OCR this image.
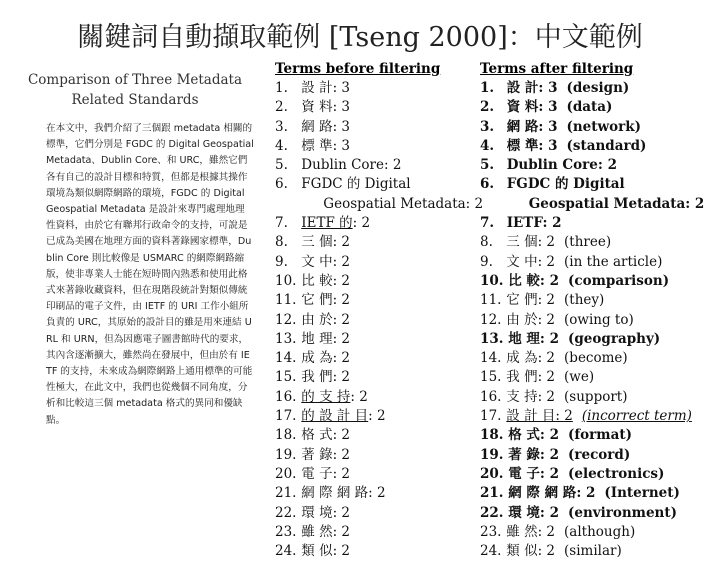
關鍵詞自動擷取範例 [Tseng 2000]：中文範例
Comparison of Three Metadata Related Standards
在本文中，我們介紹了三個跟 metadata 相關的標準，它們分別是 FGDC 的 Digital Geospatial Metadata、Dublin Core、和 URC，雖然它們各有自己的設計目標和特質，但都是根據其操作環境為類似網際網路的環境，FGDC 的 Digital Geospatial Metadata 是設計來專門處理地理性資料，由於它有聯邦行政命令的支持，可說是已成為美國在地理方面的資料著錄國家標準，Dublin Core 則比較像是 USMARC 的網際網路縮版，使非專業人士能在短時間內熟悉和使用此格式來著錄收藏資料，但在現階段統計對類似傳統印刷品的電子文件，由 IETF 的 URI 工作小組所負責的 URC，其原始的設計目的雖是用來連結 URL 和 URN，但為因應電子圖書館時代的要求，其內含逐漸擴大，雖然尚在發展中，但由於有 IETF 的支持，未來成為網際網路上通用標準的可能性極大，在此文中，我們也從幾個不同角度，分析和比較這三個 metadata 格式的異同和優缺點。
Terms before filtering
1. 設 計: 3
2. 資 料: 3
3. 網 路: 3
4. 標 準: 3
5. Dublin Core: 2
6. FGDC 的 Digital
Geospatial Metadata: 2
7. IETF 的: 2
8. 三 個: 2
9. 文 中: 2
10. 比 較: 2
11. 它 們: 2
12. 由 於: 2
13. 地 理: 2
14. 成 為: 2
15. 我 們: 2
16. 的 支 持: 2
17. 的 設 計 目: 2
18. 格 式: 2
19. 著 錄: 2
20. 電 子: 2
21. 網 際 網 路: 2
22. 環 境: 2
23. 雖 然: 2
24. 類 似: 2
Terms after filtering
1. 設 計: 3 (design)
2. 資 料: 3 (data)
3. 網 路: 3 (network)
4. 標 準: 3 (standard)
5. Dublin Core: 2
6. FGDC 的 Digital
Geospatial Metadata: 2
7. IETF: 2
8. 三 個: 2 (three)
9. 文 中: 2 (in the article)
10. 比 較: 2 (comparison)
11. 它 們: 2 (they)
12. 由 於: 2 (owing to)
13. 地 理: 2 (geography)
14. 成 為: 2 (become)
15. 我 們: 2 (we)
16. 支 持: 2 (support)
17. 設 計 目: 2 (incorrect term)
18. 格 式: 2 (format)
19. 著 錄: 2 (record)
20. 電 子: 2 (electronics)
21. 網 際 網 路: 2 (Internet)
22. 環 境: 2 (environment)
23. 雖 然: 2 (although)
24. 類 似: 2 (similar)
